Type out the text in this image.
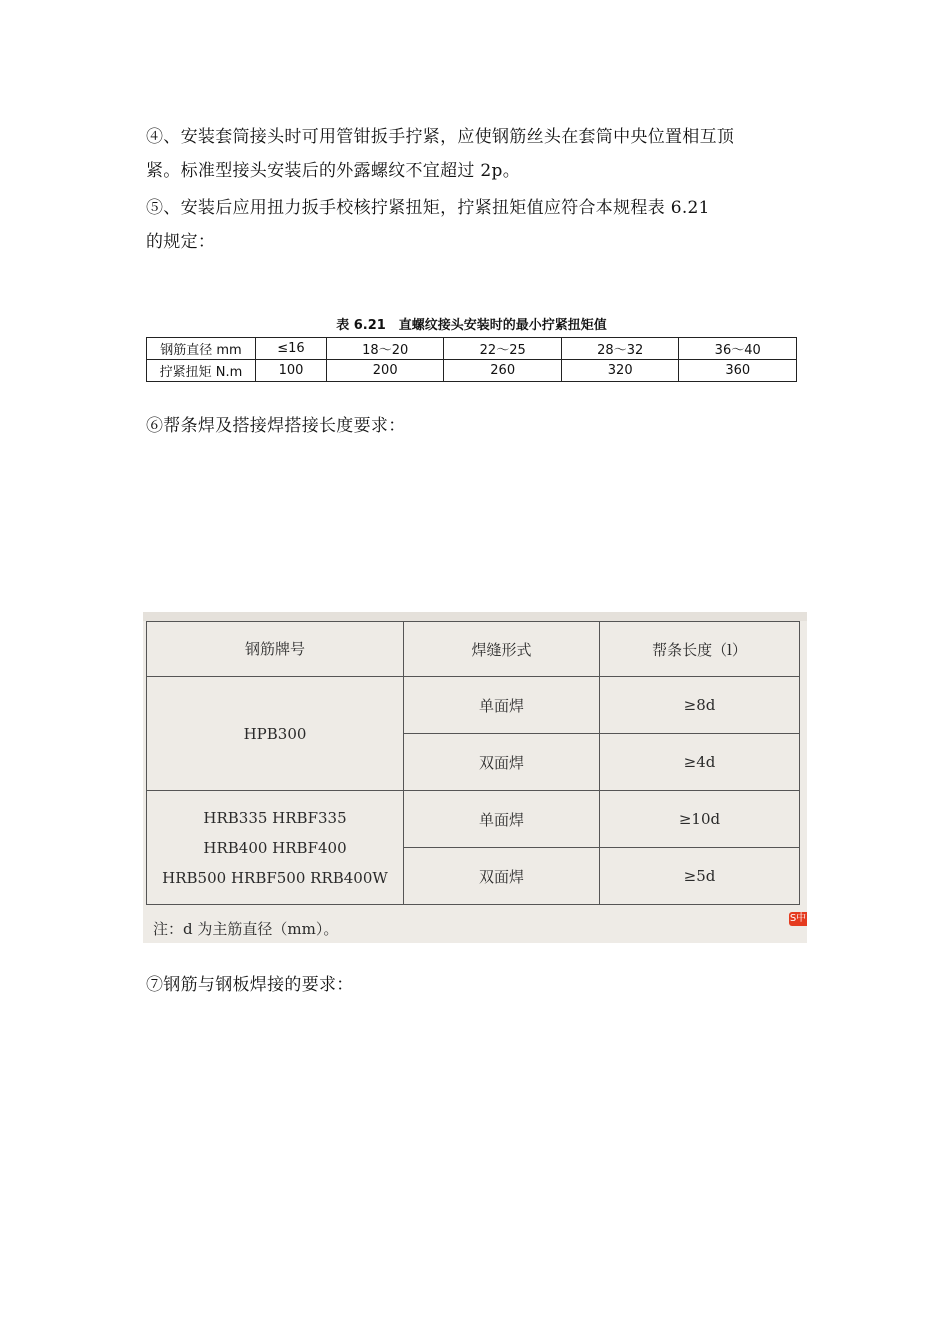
④、安装套筒接头时可用管钳扳手拧紧，应使钢筋丝头在套筒中央位置相互顶

紧。标准型接头安装后的外露螺纹不宜超过 2p。

⑤、安装后应用扭力扳手校核拧紧扭矩，拧紧扭矩值应符合本规程表 6.21

的规定：

表 6.21　直螺纹接头安装时的最小拧紧扭矩值
钢筋直径 mm	≤16	18～20	22～25	28～32	36～40
拧紧扭矩 N.m	100	200	260	320	360

⑥帮条焊及搭接焊搭接长度要求：

钢筋牌号	焊缝形式	帮条长度（l）
HPB300	单面焊	≥8d
	双面焊	≥4d

HRB335 HRBF335
HRB400 HRBF400
HRB500 HRBF500 RRB400W	单面焊	≥10d
	双面焊	≥5d
注：d 为主筋直径（mm）。
S中

⑦钢筋与钢板焊接的要求：
